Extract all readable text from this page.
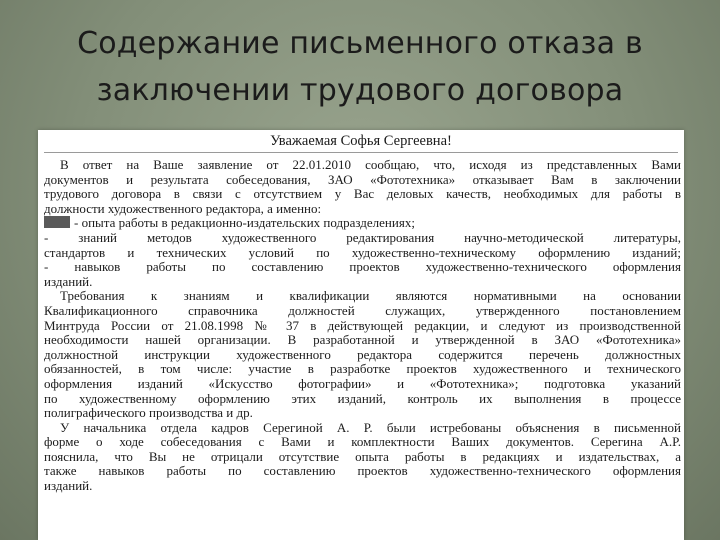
Содержание письменного отказа в
заключении трудового договора
Уважаемая Софья Сергеевна!
В ответ на Ваше заявление от 22.01.2010 сообщаю, что, исходя из представленных Вами
документов и результата собеседования, ЗАО «Фототехника» отказывает Вам в заключении
трудового договора в связи с отсутствием у Вас деловых качеств, необходимых для работы в
должности художественного редактора, а именно:
- опыта работы в редакционно-издательских подразделениях;
- знаний методов художественного редактирования научно-методической литературы,
стандартов и технических условий по художественно-техническому оформлению изданий;
- навыков работы по составлению проектов художественно-технического оформления
изданий.
Требования к знаниям и квалификации являются нормативными на основании
Квалификационного справочника должностей служащих, утвержденного постановлением
Минтруда России от 21.08.1998 № 37 в действующей редакции, и следуют из производственной
необходимости нашей организации. В разработанной и утвержденной в ЗАО «Фототехника»
должностной инструкции художественного редактора содержится перечень должностных
обязанностей, в том числе: участие в разработке проектов художественного и технического
оформления изданий «Искусство фотографии» и «Фототехника»; подготовка указаний
по художественному оформлению этих изданий, контроль их выполнения в процессе
полиграфического производства и др.
У начальника отдела кадров Серегиной А. Р. были истребованы объяснения в письменной
форме о ходе собеседования с Вами и комплектности Ваших документов. Серегина А.Р.
пояснила, что Вы не отрицали отсутствие опыта работы в редакциях и издательствах, а
также навыков работы по составлению проектов художественно-технического оформления
изданий.
